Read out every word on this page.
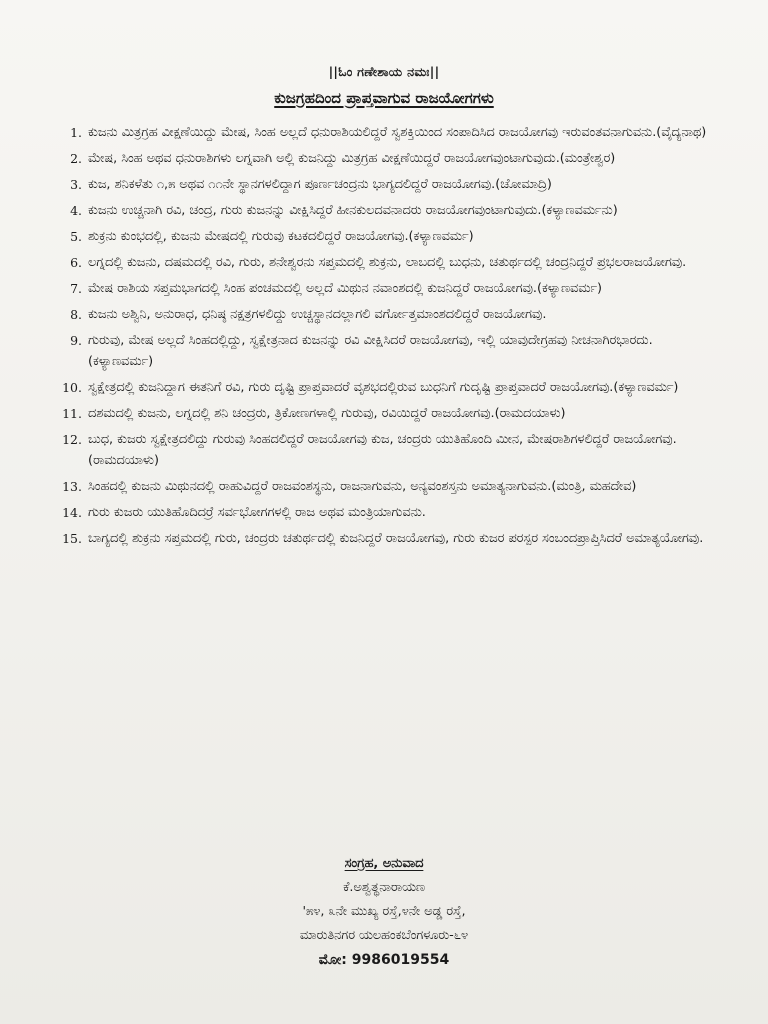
||ಓಂ ಗಣೇಶಾಯ ನಮಃ||
ಕುಜಗ್ರಹದಿಂದ ಪ್ರಾಪ್ತವಾಗುವ ರಾಜಯೋಗಗಳು
1. ಕುಜನು ಮಿತ್ರಗ್ರಹ ವೀಕ್ಷಣೆಯಿದ್ದು ಮೇಷ, ಸಿಂಹ ಅಲ್ಲದೆ ಧನುರಾಶಿಯಲಿದ್ದರೆ ಸ್ವಶಕ್ತಿಯಿಂದ ಸಂಪಾದಿಸಿದ ರಾಜಯೋಗವು ಇರುವಂತವನಾಗುವನು.(ವೈದ್ಯನಾಥ)
2. ಮೇಷ, ಸಿಂಹ ಅಥವ ಧನುರಾಶಿಗಳು ಲಗ್ನವಾಗಿ ಅಲ್ಲಿ ಕುಜನಿದ್ದು ಮಿತ್ರಗ್ರಹ ವೀಕ್ಷಣೆಯಿದ್ದರೆ ರಾಜಯೋಗವುಂಟಾಗುವುದು.(ಮಂತ್ರೇಶ್ವರ)
3. ಕುಜ, ಶನಿಕಳೆತು ೧,೫ ಅಥವ ೧೧ನೇ ಸ್ಥಾನಗಳಲಿದ್ದಾಗ ಪೂರ್ಣಚಂದ್ರನು ಭಾಗ್ಯದಲಿದ್ದರೆ ರಾಜಯೋಗವು.(ಚೋಮಾದ್ರಿ)
4. ಕುಜನು ಉಚ್ಚನಾಗಿ ರವಿ, ಚಂದ್ರ, ಗುರು ಕುಜನನ್ನು ವೀಕ್ಷಿಸಿದ್ದರೆ ಹೀನಕುಲದವನಾದರು ರಾಜಯೋಗವುಂಟಾಗುವುದು.(ಕಳ್ಯಾಣವರ್ಮನು)
5. ಶುಕ್ರನು ಕುಂಭದಲ್ಲಿ, ಕುಜನು ಮೇಷದಲ್ಲಿ ಗುರುವು ಕಟಕದಲಿದ್ದರೆ ರಾಜಯೋಗವು.(ಕಳ್ಯಾಣವರ್ಮ)
6. ಲಗ್ನದಲ್ಲಿ ಕುಜನು, ದಷಮದಲ್ಲಿ ರವಿ, ಗುರು, ಶನೇಶ್ವರನು ಸಪ್ತಮದಲ್ಲಿ ಶುಕ್ರನು, ಲಾಬದಲ್ಲಿ ಬುಧನು, ಚತುರ್ಥದಲ್ಲಿ ಚಂದ್ರನಿದ್ದರೆ ಪ್ರಭಲರಾಜಯೋಗವು.
7. ಮೇಷ ರಾಶಿಯ ಸಪ್ತಮಭಾಗದಲ್ಲಿ ಸಿಂಹ ಪಂಚಮದಲ್ಲಿ ಅಲ್ಲದೆ ಮಿಥುನ ನವಾಂಶದಲ್ಲಿ ಕುಜನಿದ್ದರೆ ರಾಜಯೋಗವು.(ಕಳ್ಯಾಣವರ್ಮ)
8. ಕುಜನು ಅಶ್ವಿನಿ, ಅನುರಾಧ, ಧನಿಷ್ಠ ನಕ್ಷತ್ರಗಳಲಿದ್ದು ಉಚ್ಚಸ್ಥಾನದಲ್ಲಾಗಲಿ ವರ್ಗೋತ್ತಮಾಂಶದಲಿದ್ದರೆ ರಾಜಯೋಗವು.
9. ಗುರುವು, ಮೇಷ ಅಲ್ಲದೆ ಸಿಂಹದಲ್ಲಿದ್ದು, ಸ್ವಕ್ಷೇತ್ರನಾದ ಕುಜನನ್ನು ರವಿ ವೀಕ್ಷಿಸಿದರೆ ರಾಜಯೋಗವು, ಇಲ್ಲಿ ಯಾವುದೇಗ್ರಹವು ನೀಚನಾಗಿರಭಾರದು.(ಕಳ್ಯಾಣವರ್ಮ)
10. ಸ್ವಕ್ಷೇತ್ರದಲ್ಲಿ ಕುಜನಿದ್ದಾಗ ಈತನಿಗೆ ರವಿ, ಗುರು ದೃಷ್ಟಿ ಪ್ರಾಪ್ತವಾದರೆ ವೃಶಭದಲ್ಲಿರುವ ಬುಧನಿಗೆ ಗುದೃಷ್ಟಿ ಪ್ರಾಪ್ತವಾದರೆ ರಾಜಯೋಗವು.(ಕಳ್ಯಾಣವರ್ಮ)
11. ದಶಮದಲ್ಲಿ ಕುಜನು, ಲಗ್ನದಲ್ಲಿ ಶನಿ ಚಂದ್ರರು, ತ್ರಿಕೋಣಗಳಾಲ್ಲಿ ಗುರುವು, ರವಿಯಿದ್ದರೆ ರಾಜಯೋಗವು.(ರಾಮದಯಾಳು)
12. ಬುಧ, ಕುಜರು ಸ್ವಕ್ಷೇತ್ರದಲಿದ್ದು ಗುರುವು ಸಿಂಹದಲಿದ್ದರೆ ರಾಜಯೋಗವು ಕುಜ, ಚಂದ್ರರು ಯುತಿಹೊಂದಿ ಮೀನ, ಮೇಷರಾಶಿಗಳಲಿದ್ದರೆ ರಾಜಯೋಗವು.(ರಾಮದಯಾಳು)
13. ಸಿಂಹದಲ್ಲಿ ಕುಜನು ಮಿಥುನದಲ್ಲಿ ರಾಹುವಿದ್ದರೆ ರಾಜವಂಶಸ್ಥನು, ರಾಜನಾಗುವನು, ಅನ್ಯವಂಶಸ್ತನು ಅಮಾತ್ಯನಾಗುವನು.(ಮಂತ್ರಿ, ಮಹದೇವ)
14. ಗುರು ಕುಜರು ಯುತಿಹೊದಿದರ್ರೆ ಸರ್ವಭೋಗಗಳಲ್ಲಿ ರಾಜ ಅಥವ ಮಂತ್ರಿಯಾಗುವನು.
15. ಬಾಗ್ಯದಲ್ಲಿ ಶುಕ್ರನು ಸಪ್ತಮದಲ್ಲಿ ಗುರು, ಚಂದ್ರರು ಚತುರ್ಥದಲ್ಲಿ ಕುಜನಿದ್ದರೆ ರಾಜಯೋಗವು, ಗುರು ಕುಜರ ಪರಸ್ಪರ ಸಂಬಂದಪ್ರಾಪ್ತಿಸಿದರೆ ಅಮಾತ್ಯಯೋಗವು.
ಸಂಗ್ರಹ, ಅನುವಾದ
ಕೆ.ಅಶ್ವತ್ಥನಾರಾಯಣ
'೫೪, ೩ನೇ ಮುಖ್ಯ ರಸ್ತೆ,೪ನೇ ಅಡ್ಡ ರಸ್ತೆ,
ಮಾರುತಿನಗರ ಯಲಹಂಕಬೆಂಗಳೂರು-೬೪
ಮೋ: 9986019554
